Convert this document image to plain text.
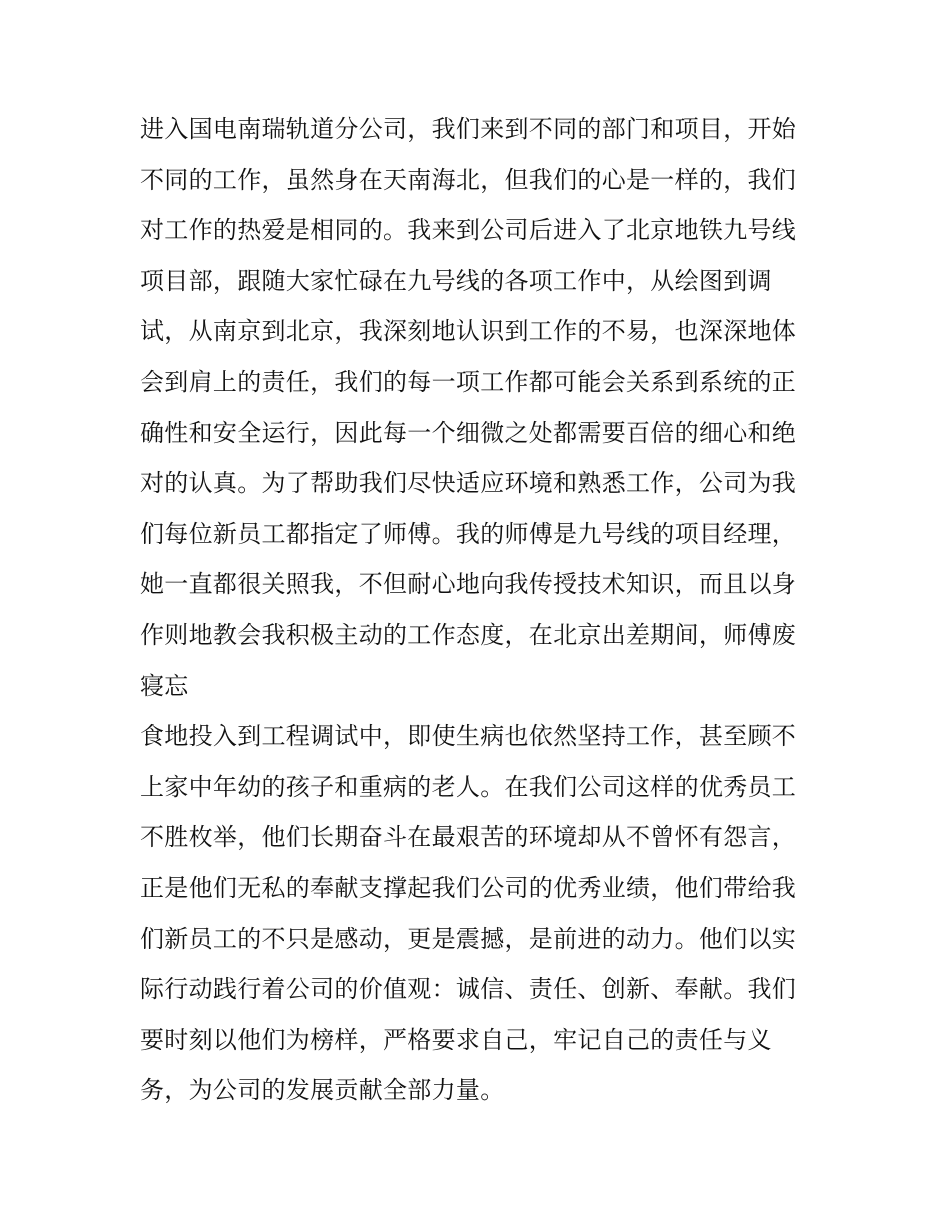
进入国电南瑞轨道分公司，我们来到不同的部门和项目，开始
不同的工作，虽然身在天南海北，但我们的心是一样的，我们
对工作的热爱是相同的。我来到公司后进入了北京地铁九号线
项目部，跟随大家忙碌在九号线的各项工作中，从绘图到调
试，从南京到北京，我深刻地认识到工作的不易，也深深地体
会到肩上的责任，我们的每一项工作都可能会关系到系统的正
确性和安全运行，因此每一个细微之处都需要百倍的细心和绝
对的认真。为了帮助我们尽快适应环境和熟悉工作，公司为我
们每位新员工都指定了师傅。我的师傅是九号线的项目经理，
她一直都很关照我，不但耐心地向我传授技术知识，而且以身
作则地教会我积极主动的工作态度，在北京出差期间，师傅废
寝忘
食地投入到工程调试中，即使生病也依然坚持工作，甚至顾不
上家中年幼的孩子和重病的老人。在我们公司这样的优秀员工
不胜枚举，他们长期奋斗在最艰苦的环境却从不曾怀有怨言，
正是他们无私的奉献支撑起我们公司的优秀业绩，他们带给我
们新员工的不只是感动，更是震撼，是前进的动力。他们以实
际行动践行着公司的价值观：诚信、责任、创新、奉献。我们
要时刻以他们为榜样，严格要求自己，牢记自己的责任与义
务，为公司的发展贡献全部力量。
